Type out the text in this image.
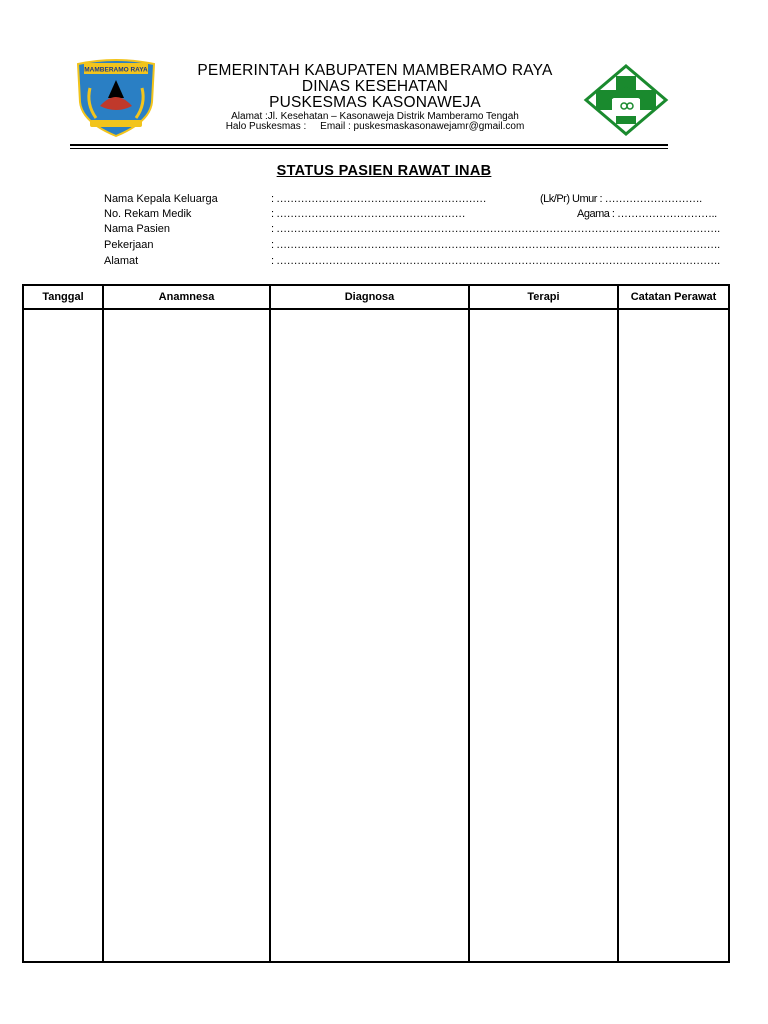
MAMBERAMO RAYA	PEMERINTAH KABUPATEN MAMBERAMO RAYA
DINAS KESEHATAN
PUSKESMAS KASONAWEJA
Alamat :Jl. Kesehatan – Kasonaweja Distrik Mamberamo Tengah
Halo Puskesmas :     Email : puskesmaskasonawejamr@gmail.com
STATUS PASIEN RAWAT INAB
Nama Kepala Keluarga	: ……………………………………………………	(Lk/Pr) Umur : ……………………….
No. Rekam Medik	: ………………………………………………	Agama : ………………………..
Nama Pasien	: ……………………………………………………………………………………………………………….
Pekerjaan	: ……………………………………………………………………………………………………………….
Alamat	: ……………………………………………………………………………………………………………….
Tanggal	Anamnesa	Diagnosa	Terapi	Catatan Perawat
